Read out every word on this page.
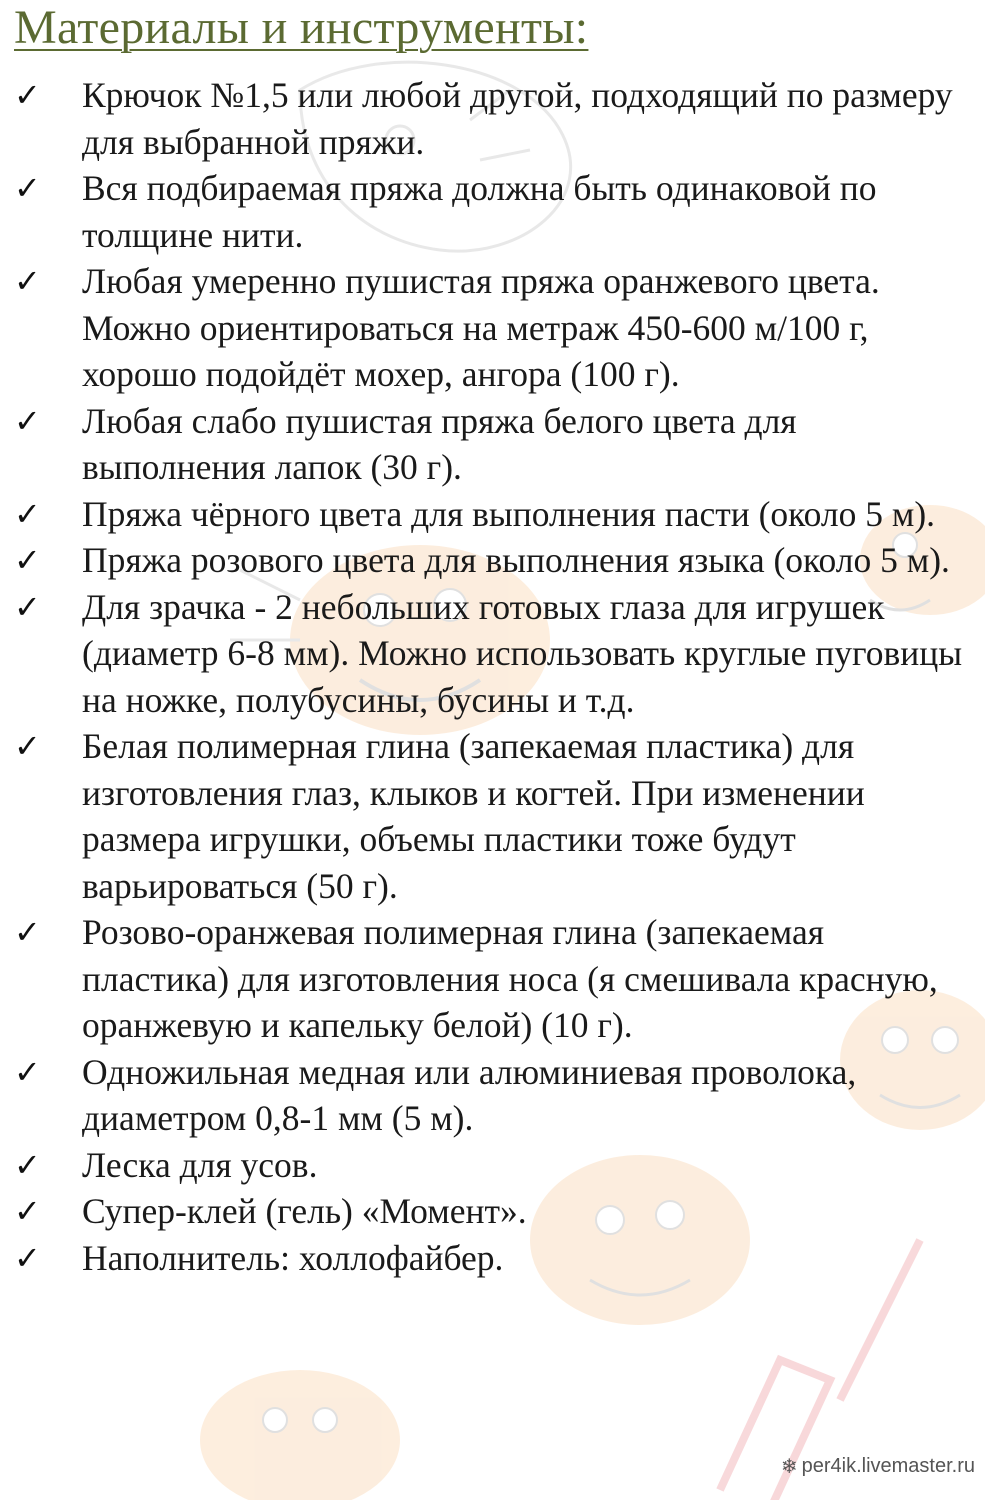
Материалы и инструменты:
✓	Крючок №1,5 или любой другой, подходящий по размеру для выбранной пряжи.
✓	Вся подбираемая пряжа должна быть одинаковой по толщине нити.
✓	Любая умеренно пушистая пряжа оранжевого цвета. Можно ориентироваться на метраж 450-600 м/100 г, хорошо подойдёт мохер, ангора (100 г).
✓	Любая слабо пушистая пряжа белого цвета для выполнения лапок (30 г).
✓	Пряжа чёрного цвета для выполнения пасти (около 5 м).
✓	Пряжа розового цвета для выполнения языка (около 5 м).
✓	Для зрачка - 2 небольших готовых глаза для игрушек (диаметр 6-8 мм). Можно использовать круглые пуговицы на ножке, полубусины, бусины и т.д.
✓	Белая полимерная глина (запекаемая пластика) для изготовления глаз, клыков и когтей. При изменении размера игрушки, объемы пластики тоже будут варьироваться (50 г).
✓	Розово-оранжевая полимерная глина (запекаемая пластика) для изготовления носа (я смешивала красную, оранжевую и капельку белой) (10 г).
✓	Одножильная медная или алюминиевая проволока, диаметром 0,8-1 мм (5 м).
✓	Леска для усов.
✓	Супер-клей (гель) «Момент».
✓	Наполнитель: холлофайбер.
❄ per4ik.livemaster.ru
